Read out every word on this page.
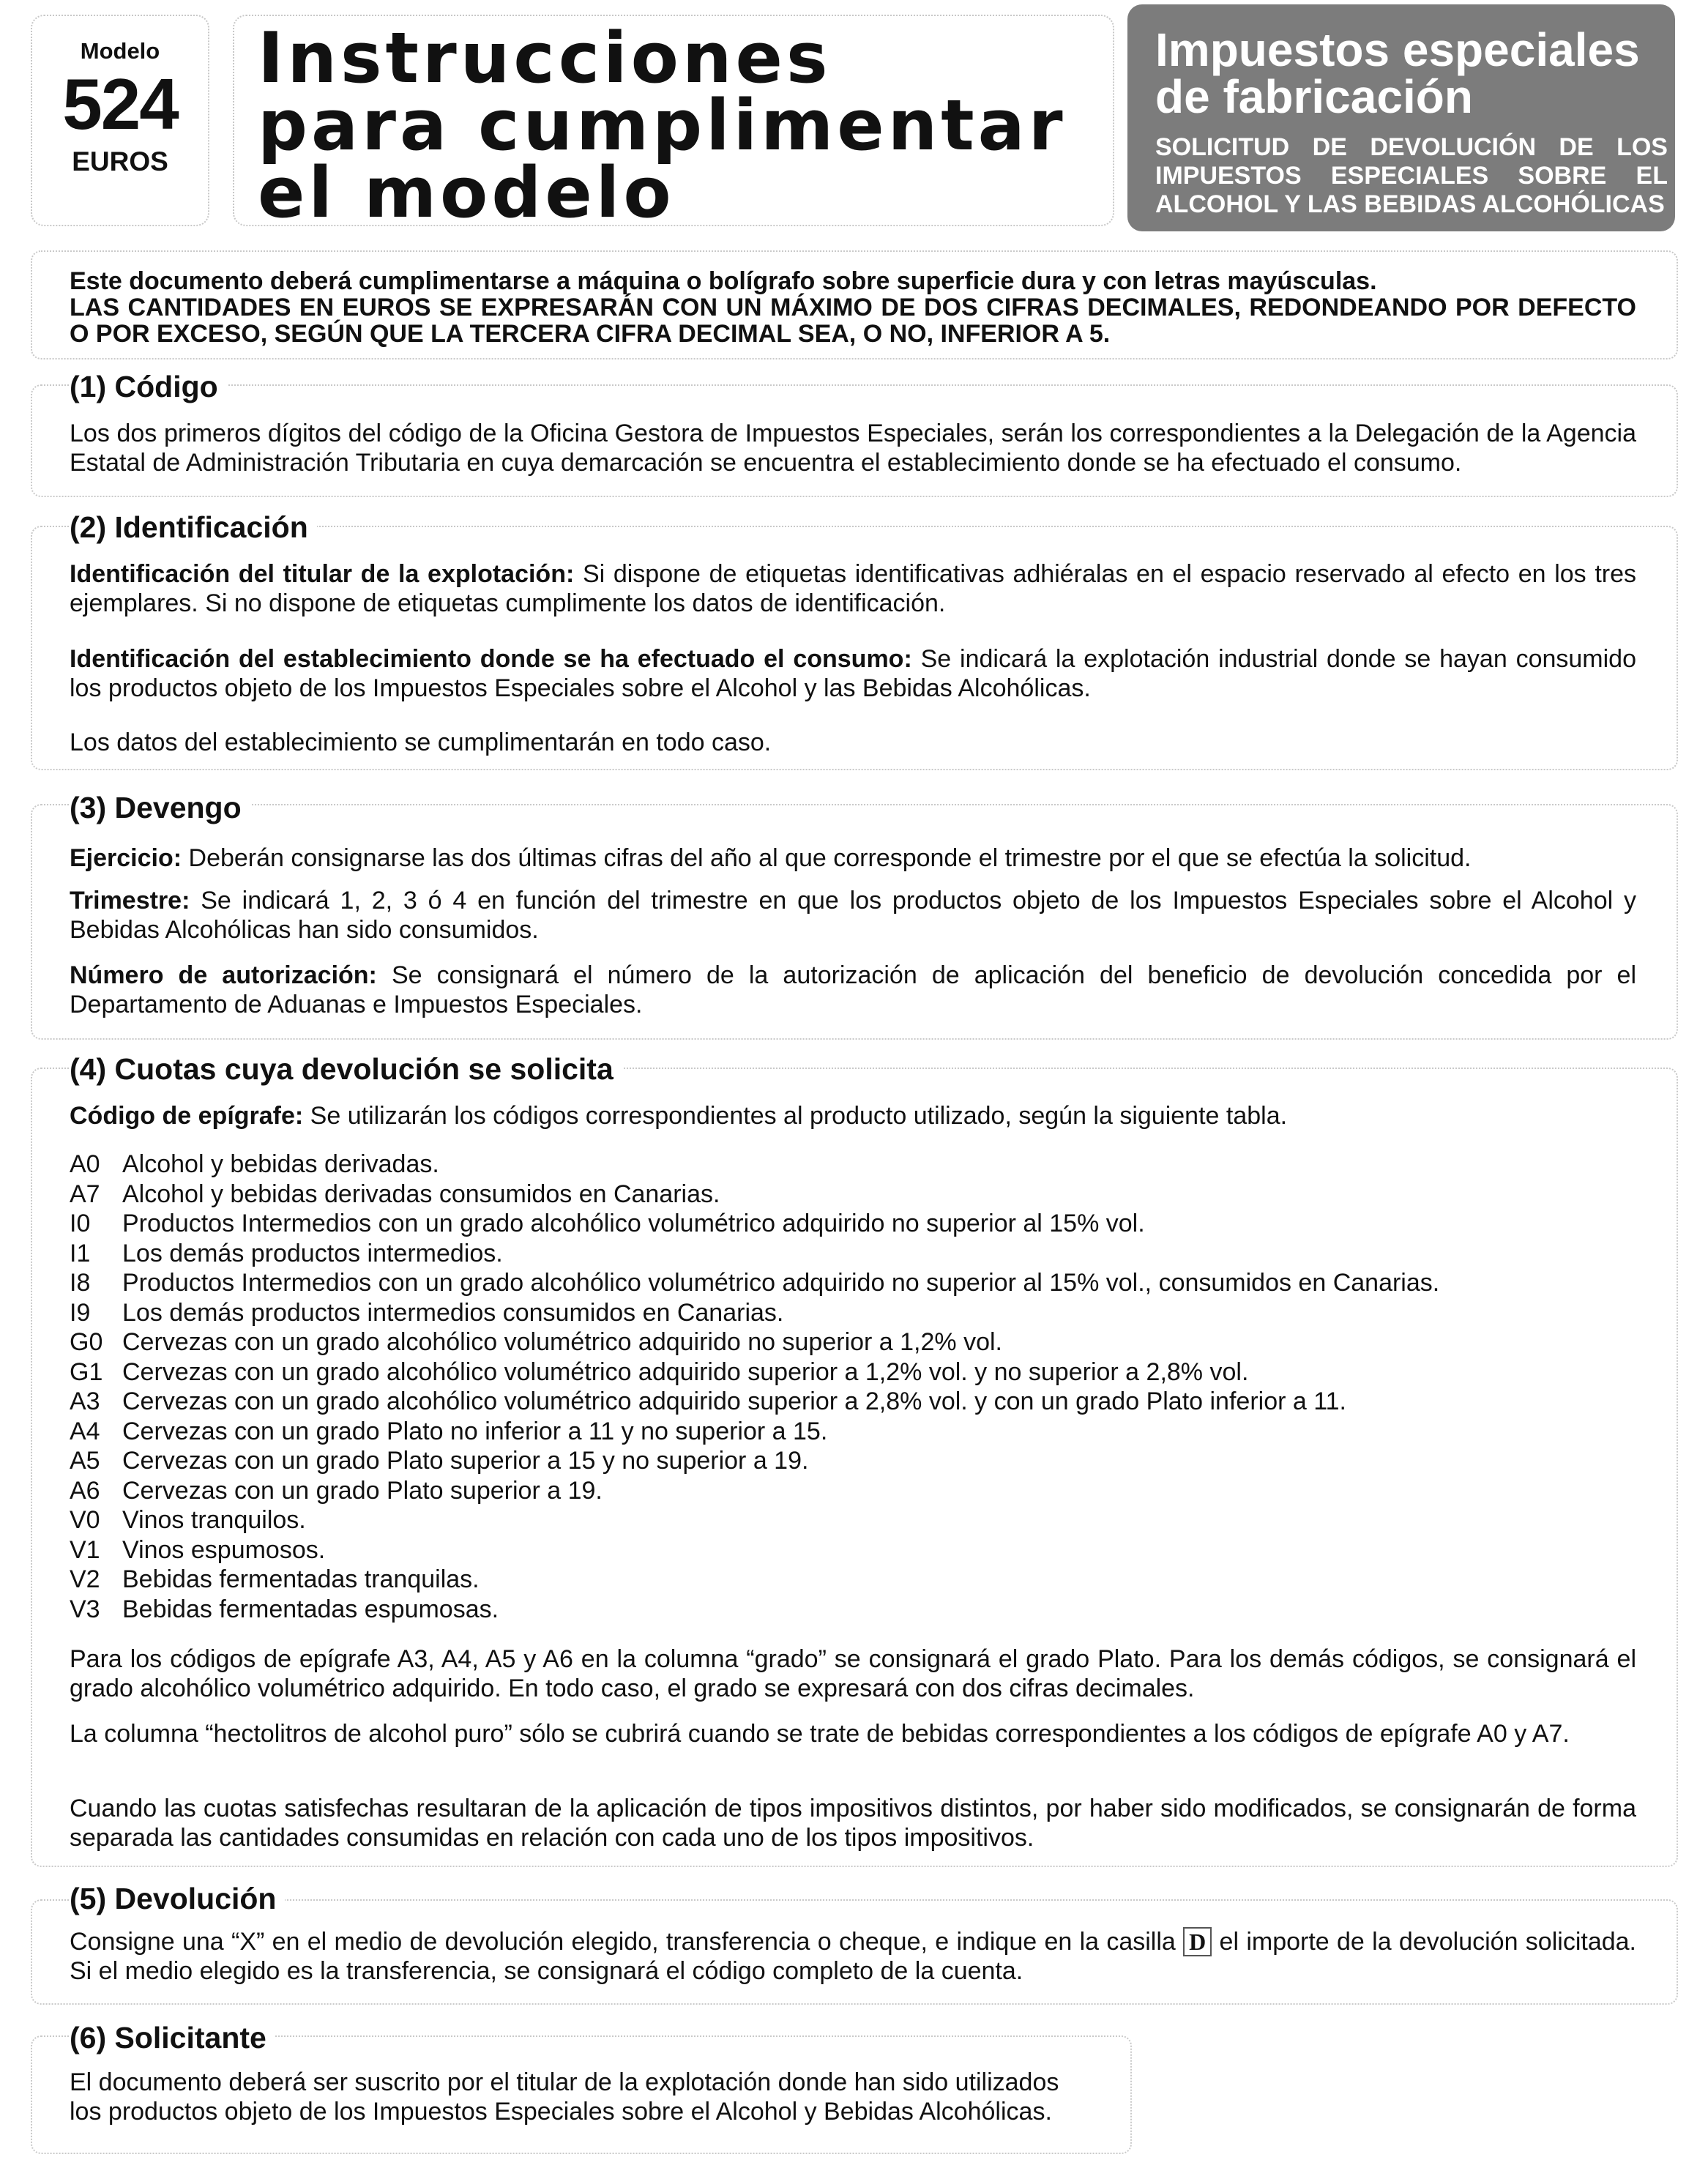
Modelo
524
EUROS
Instrucciones
para cumplimentar
el modelo
Impuestos especiales
de fabricación
SOLICITUD DE DEVOLUCIÓN DE LOS IMPUESTOS ESPECIALES SOBRE EL ALCOHOL Y LAS BEBIDAS ALCOHÓLICAS

Este documento deberá cumplimentarse a máquina o bolígrafo sobre superficie dura y con letras mayúsculas.

LAS CANTIDADES EN EUROS SE EXPRESARÁN CON UN MÁXIMO DE DOS CIFRAS DECIMALES, REDONDEANDO POR DEFECTO O POR EXCESO, SEGÚN QUE LA TERCERA CIFRA DECIMAL SEA, O NO, INFERIOR A 5.

(1) Código
Los dos primeros dígitos del código de la Oficina Gestora de Impuestos Especiales, serán los correspondientes a la Delegación de la Agencia Estatal de Administración Tributaria en cuya demarcación se encuentra el establecimiento donde se ha efectuado el consumo.
(2) Identificación
Identificación del titular de la explotación: Si dispone de etiquetas identificativas adhiéralas en el espacio reservado al efecto en los tres ejemplares. Si no dispone de etiquetas cumplimente los datos de identificación.
Identificación del establecimiento donde se ha efectuado el consumo: Se indicará la explotación industrial donde se hayan consumido los productos objeto de los Impuestos Especiales sobre el Alcohol y las Bebidas Alcohólicas.
Los datos del establecimiento se cumplimentarán en todo caso.
(3) Devengo
Ejercicio: Deberán consignarse las dos últimas cifras del año al que corresponde el trimestre por el que se efectúa la solicitud.
Trimestre: Se indicará 1, 2, 3 ó 4 en función del trimestre en que los productos objeto de los Impuestos Especiales sobre el Alcohol y Bebidas Alcohólicas han sido consumidos.
Número de autorización: Se consignará el número de la autorización de aplicación del beneficio de devolución concedida por el Departamento de Aduanas e Impuestos Especiales.
(4) Cuotas cuya devolución se solicita
Código de epígrafe: Se utilizarán los códigos correspondientes al producto utilizado, según la siguiente tabla.
A0 Alcohol y bebidas derivadas.
A7 Alcohol y bebidas derivadas consumidos en Canarias.
I0 Productos Intermedios con un grado alcohólico volumétrico adquirido no superior al 15% vol.
I1 Los demás productos intermedios.
I8 Productos Intermedios con un grado alcohólico volumétrico adquirido no superior al 15% vol., consumidos en Canarias.
I9 Los demás productos intermedios consumidos en Canarias.
G0 Cervezas con un grado alcohólico volumétrico adquirido no superior a 1,2% vol.
G1 Cervezas con un grado alcohólico volumétrico adquirido superior a 1,2% vol. y no superior a 2,8% vol.
A3 Cervezas con un grado alcohólico volumétrico adquirido superior a 2,8% vol. y con un grado Plato inferior a 11.
A4 Cervezas con un grado Plato no inferior a 11 y no superior a 15.
A5 Cervezas con un grado Plato superior a 15 y no superior a 19.
A6 Cervezas con un grado Plato superior a 19.
V0 Vinos tranquilos.
V1 Vinos espumosos.
V2 Bebidas fermentadas tranquilas.
V3 Bebidas fermentadas espumosas.
Para los códigos de epígrafe A3, A4, A5 y A6 en la columna “grado” se consignará el grado Plato. Para los demás códigos, se consignará el grado alcohólico volumétrico adquirido. En todo caso, el grado se expresará con dos cifras decimales.
La columna “hectolitros de alcohol puro” sólo se cubrirá cuando se trate de bebidas correspondientes a los códigos de epígrafe A0 y A7.
Cuando las cuotas satisfechas resultaran de la aplicación de tipos impositivos distintos, por haber sido modificados, se consignarán de forma separada las cantidades consumidas en relación con cada uno de los tipos impositivos.
(5) Devolución
Consigne una “X” en el medio de devolución elegido, transferencia o cheque, e indique en la casilla D el importe de la devolución solicitada. Si el medio elegido es la transferencia, se consignará el código completo de la cuenta.
(6) Solicitante
El documento deberá ser suscrito por el titular de la explotación donde han sido utilizados
los productos objeto de los Impuestos Especiales sobre el Alcohol y Bebidas Alcohólicas.
